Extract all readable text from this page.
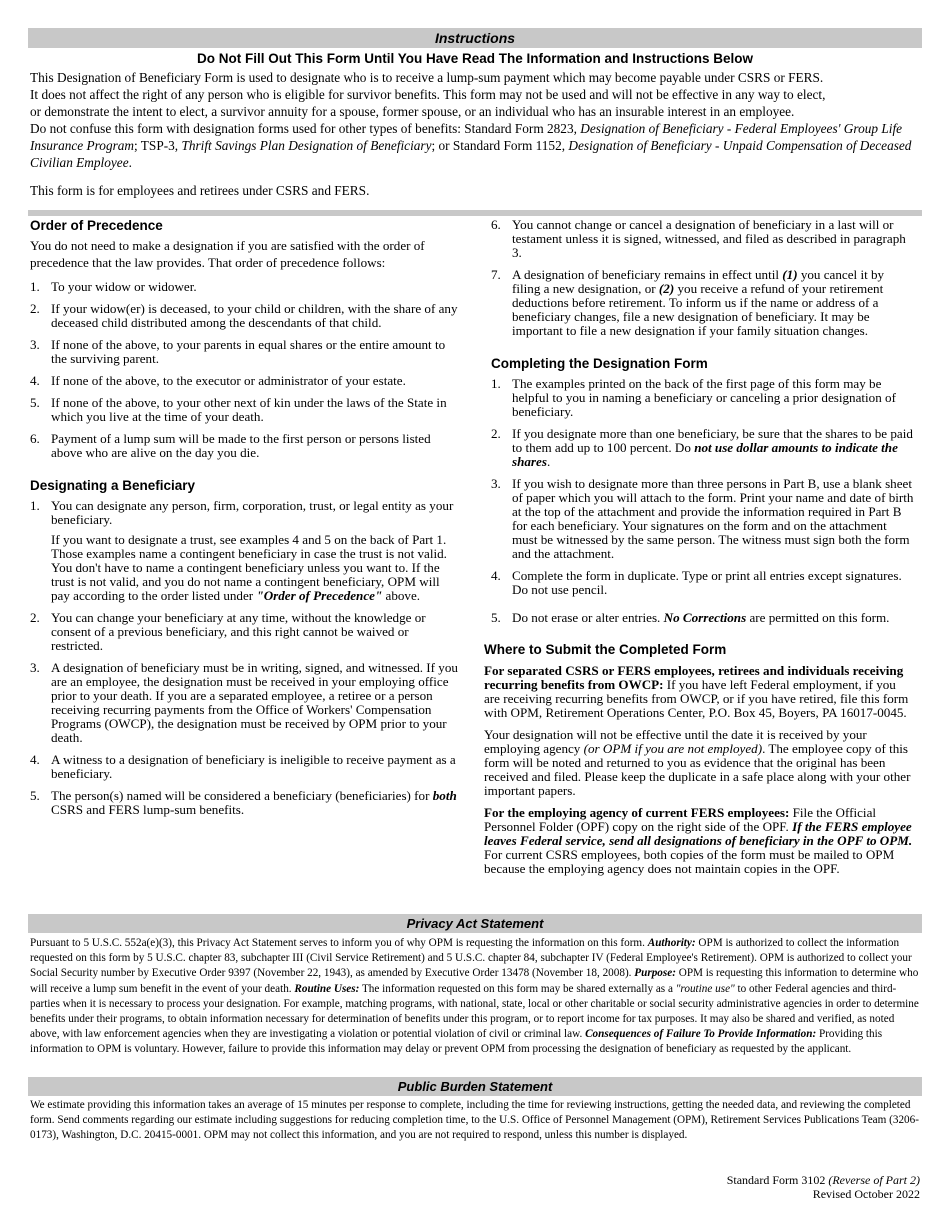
Instructions
Do Not Fill Out This Form Until You Have Read The Information and Instructions Below

This Designation of Beneficiary Form is used to designate who is to receive a lump-sum payment which may become payable under CSRS or FERS.

It does not affect the right of any person who is eligible for survivor benefits. This form may not be used and will not be effective in any way to elect,

or demonstrate the intent to elect, a survivor annuity for a spouse, former spouse, or an individual who has an insurable interest in an employee.

Do not confuse this form with designation forms used for other types of benefits: Standard Form 2823, Designation of Beneficiary - Federal Employees' Group Life Insurance Program; TSP-3, Thrift Savings Plan Designation of Beneficiary; or Standard Form 1152, Designation of Beneficiary - Unpaid Compensation of Deceased Civilian Employee.

This form is for employees and retirees under CSRS and FERS.

Order of Precedence

You do not need to make a designation if you are satisfied with the order of precedence that the law provides. That order of precedence follows:

1. To your widow or widower.
2. If your widow(er) is deceased, to your child or children, with the share of any deceased child distributed among the descendants of that child.
3. If none of the above, to your parents in equal shares or the entire amount to the surviving parent.
4. If none of the above, to the executor or administrator of your estate.
5. If none of the above, to your other next of kin under the laws of the State in which you live at the time of your death.
6. Payment of a lump sum will be made to the first person or persons listed above who are alive on the day you die.
Designating a Beneficiary
1. You can designate any person, firm, corporation, trust, or legal entity as your beneficiary.

If you want to designate a trust, see examples 4 and 5 on the back of Part 1. Those examples name a contingent beneficiary in case the trust is not valid. You don't have to name a contingent beneficiary unless you want to. If the trust is not valid, and you do not name a contingent beneficiary, OPM will pay according to the order listed under "Order of Precedence" above.

2. You can change your beneficiary at any time, without the knowledge or consent of a previous beneficiary, and this right cannot be waived or restricted.
3. A designation of beneficiary must be in writing, signed, and witnessed. If you are an employee, the designation must be received in your employing office prior to your death. If you are a separated employee, a retiree or a person receiving recurring payments from the Office of Workers' Compensation Programs (OWCP), the designation must be received by OPM prior to your death.
4. A witness to a designation of beneficiary is ineligible to receive payment as a beneficiary.
5. The person(s) named will be considered a beneficiary (beneficiaries) for both CSRS and FERS lump-sum benefits.
6. You cannot change or cancel a designation of beneficiary in a last will or testament unless it is signed, witnessed, and filed as described in paragraph 3.
7. A designation of beneficiary remains in effect until (1) you cancel it by filing a new designation, or (2) you receive a refund of your retirement deductions before retirement. To inform us if the name or address of a beneficiary changes, file a new designation of beneficiary. It may be important to file a new designation if your family situation changes.
Completing the Designation Form
1. The examples printed on the back of the first page of this form may be helpful to you in naming a beneficiary or canceling a prior designation of beneficiary.
2. If you designate more than one beneficiary, be sure that the shares to be paid to them add up to 100 percent. Do not use dollar amounts to indicate the shares.
3. If you wish to designate more than three persons in Part B, use a blank sheet of paper which you will attach to the form. Print your name and date of birth at the top of the attachment and provide the information required in Part B for each beneficiary. Your signatures on the form and on the attachment must be witnessed by the same person. The witness must sign both the form and the attachment.
4. Complete the form in duplicate. Type or print all entries except signatures. Do not use pencil.
5. Do not erase or alter entries. No Corrections are permitted on this form.
Where to Submit the Completed Form

For separated CSRS or FERS employees, retirees and individuals receiving recurring benefits from OWCP: If you have left Federal employment, if you are receiving recurring benefits from OWCP, or if you have retired, file this form with OPM, Retirement Operations Center, P.O. Box 45, Boyers, PA 16017-0045.

Your designation will not be effective until the date it is received by your employing agency (or OPM if you are not employed). The employee copy of this form will be noted and returned to you as evidence that the original has been received and filed. Please keep the duplicate in a safe place along with your other important papers.

For the employing agency of current FERS employees: File the Official Personnel Folder (OPF) copy on the right side of the OPF. If the FERS employee leaves Federal service, send all designations of beneficiary in the OPF to OPM. For current CSRS employees, both copies of the form must be mailed to OPM because the employing agency does not maintain copies in the OPF.

Privacy Act Statement
Pursuant to 5 U.S.C. 552a(e)(3), this Privacy Act Statement serves to inform you of why OPM is requesting the information on this form. Authority: OPM is authorized to collect the information requested on this form by 5 U.S.C. chapter 83, subchapter III (Civil Service Retirement) and 5 U.S.C. chapter 84, subchapter IV (Federal Employee's Retirement). OPM is authorized to collect your Social Security number by Executive Order 9397 (November 22, 1943), as amended by Executive Order 13478 (November 18, 2008). Purpose: OPM is requesting this information to determine who will receive a lump sum benefit in the event of your death. Routine Uses: The information requested on this form may be shared externally as a "routine use" to other Federal agencies and third-parties when it is necessary to process your designation. For example, matching programs, with national, state, local or other charitable or social security administrative agencies in order to determine benefits under their programs, to obtain information necessary for determination of benefits under this program, or to report income for tax purposes. It may also be shared and verified, as noted above, with law enforcement agencies when they are investigating a violation or potential violation of civil or criminal law. Consequences of Failure To Provide Information: Providing this information to OPM is voluntary. However, failure to provide this information may delay or prevent OPM from processing the designation of beneficiary as requested by the applicant.
Public Burden Statement
We estimate providing this information takes an average of 15 minutes per response to complete, including the time for reviewing instructions, getting the needed data, and reviewing the completed form. Send comments regarding our estimate including suggestions for reducing completion time, to the U.S. Office of Personnel Management (OPM), Retirement Services Publications Team (3206-0173), Washington, D.C. 20415-0001. OPM may not collect this information, and you are not required to respond, unless this number is displayed.
Standard Form 3102 (Reverse of Part 2)
Revised October 2022
